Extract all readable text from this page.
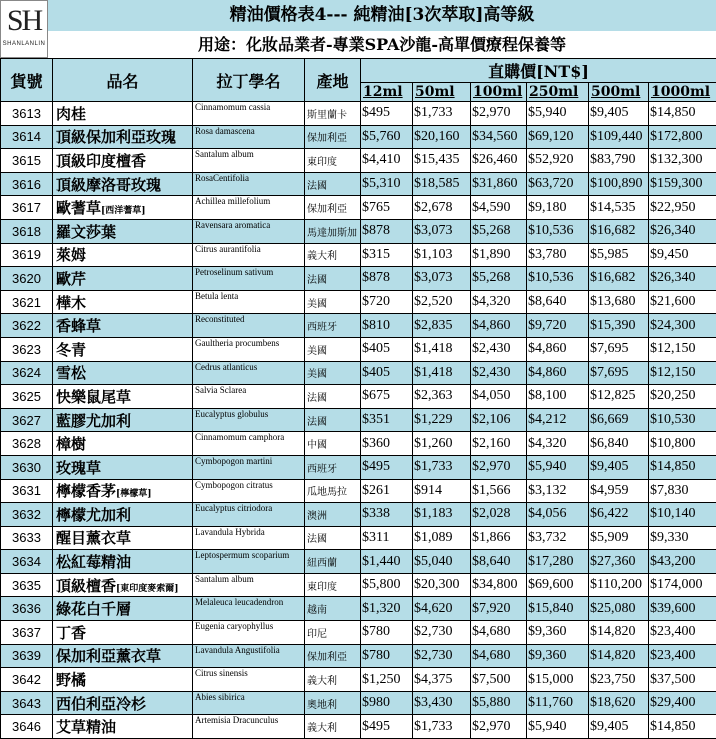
SH
SHANLANLIN
精油價格表4--- 純精油[3次萃取]高等級
用途：化妝品業者-專業SPA沙龍-高單價療程保養等
貨號	品名	拉丁學名	產地	直購價[NT$]					
				12ml	50ml	100ml	250ml	500ml	1000ml
3613	肉桂	Cinnamomum cassia	斯里蘭卡	$495	$1,733	$2,970	$5,940	$9,405	$14,850
3614	頂級保加利亞玫瑰	Rosa damascena	保加利亞	$5,760	$20,160	$34,560	$69,120	$109,440	$172,800
3615	頂級印度檀香	Santalum album	東印度	$4,410	$15,435	$26,460	$52,920	$83,790	$132,300
3616	頂級摩洛哥玫瑰	RosaCentifolia	法國	$5,310	$18,585	$31,860	$63,720	$100,890	$159,300
3617	歐蓍草[西洋蓍草]	Achillea millefolium	保加利亞	$765	$2,678	$4,590	$9,180	$14,535	$22,950
3618	羅文莎葉	Ravensara aromatica	馬達加斯加	$878	$3,073	$5,268	$10,536	$16,682	$26,340
3619	萊姆	Citrus aurantifolia	義大利	$315	$1,103	$1,890	$3,780	$5,985	$9,450
3620	歐芹	Petroselinum sativum	法國	$878	$3,073	$5,268	$10,536	$16,682	$26,340
3621	樺木	Betula lenta	美國	$720	$2,520	$4,320	$8,640	$13,680	$21,600
3622	香蜂草	Reconstituted	西班牙	$810	$2,835	$4,860	$9,720	$15,390	$24,300
3623	冬青	Gaultheria procumbens	美國	$405	$1,418	$2,430	$4,860	$7,695	$12,150
3624	雪松	Cedrus atlanticus	美國	$405	$1,418	$2,430	$4,860	$7,695	$12,150
3625	快樂鼠尾草	Salvia Sclarea	法國	$675	$2,363	$4,050	$8,100	$12,825	$20,250
3627	藍膠尤加利	Eucalyptus globulus	法國	$351	$1,229	$2,106	$4,212	$6,669	$10,530
3628	樟樹	Cinnamomum camphora	中國	$360	$1,260	$2,160	$4,320	$6,840	$10,800
3630	玫瑰草	Cymbopogon martini	西班牙	$495	$1,733	$2,970	$5,940	$9,405	$14,850
3631	檸檬香茅[檸檬草]	Cymbopogon citratus	瓜地馬拉	$261	$914	$1,566	$3,132	$4,959	$7,830
3632	檸檬尤加利	Eucalyptus citriodora	澳洲	$338	$1,183	$2,028	$4,056	$6,422	$10,140
3633	醒目薰衣草	Lavandula Hybrida	法國	$311	$1,089	$1,866	$3,732	$5,909	$9,330
3634	松紅莓精油	Leptospermum scoparium	紐西蘭	$1,440	$5,040	$8,640	$17,280	$27,360	$43,200
3635	頂級檀香[東印度麥索爾]	Santalum album	東印度	$5,800	$20,300	$34,800	$69,600	$110,200	$174,000
3636	綠花白千層	Melaleuca leucadendron	越南	$1,320	$4,620	$7,920	$15,840	$25,080	$39,600
3637	丁香	Eugenia caryophyllus	印尼	$780	$2,730	$4,680	$9,360	$14,820	$23,400
3639	保加利亞薰衣草	Lavandula Angustifolia	保加利亞	$780	$2,730	$4,680	$9,360	$14,820	$23,400
3642	野橘	Citrus sinensis	義大利	$1,250	$4,375	$7,500	$15,000	$23,750	$37,500
3643	西伯利亞冷杉	Abies sibirica	奧地利	$980	$3,430	$5,880	$11,760	$18,620	$29,400
3646	艾草精油	Artemisia Dracunculus	義大利	$495	$1,733	$2,970	$5,940	$9,405	$14,850
